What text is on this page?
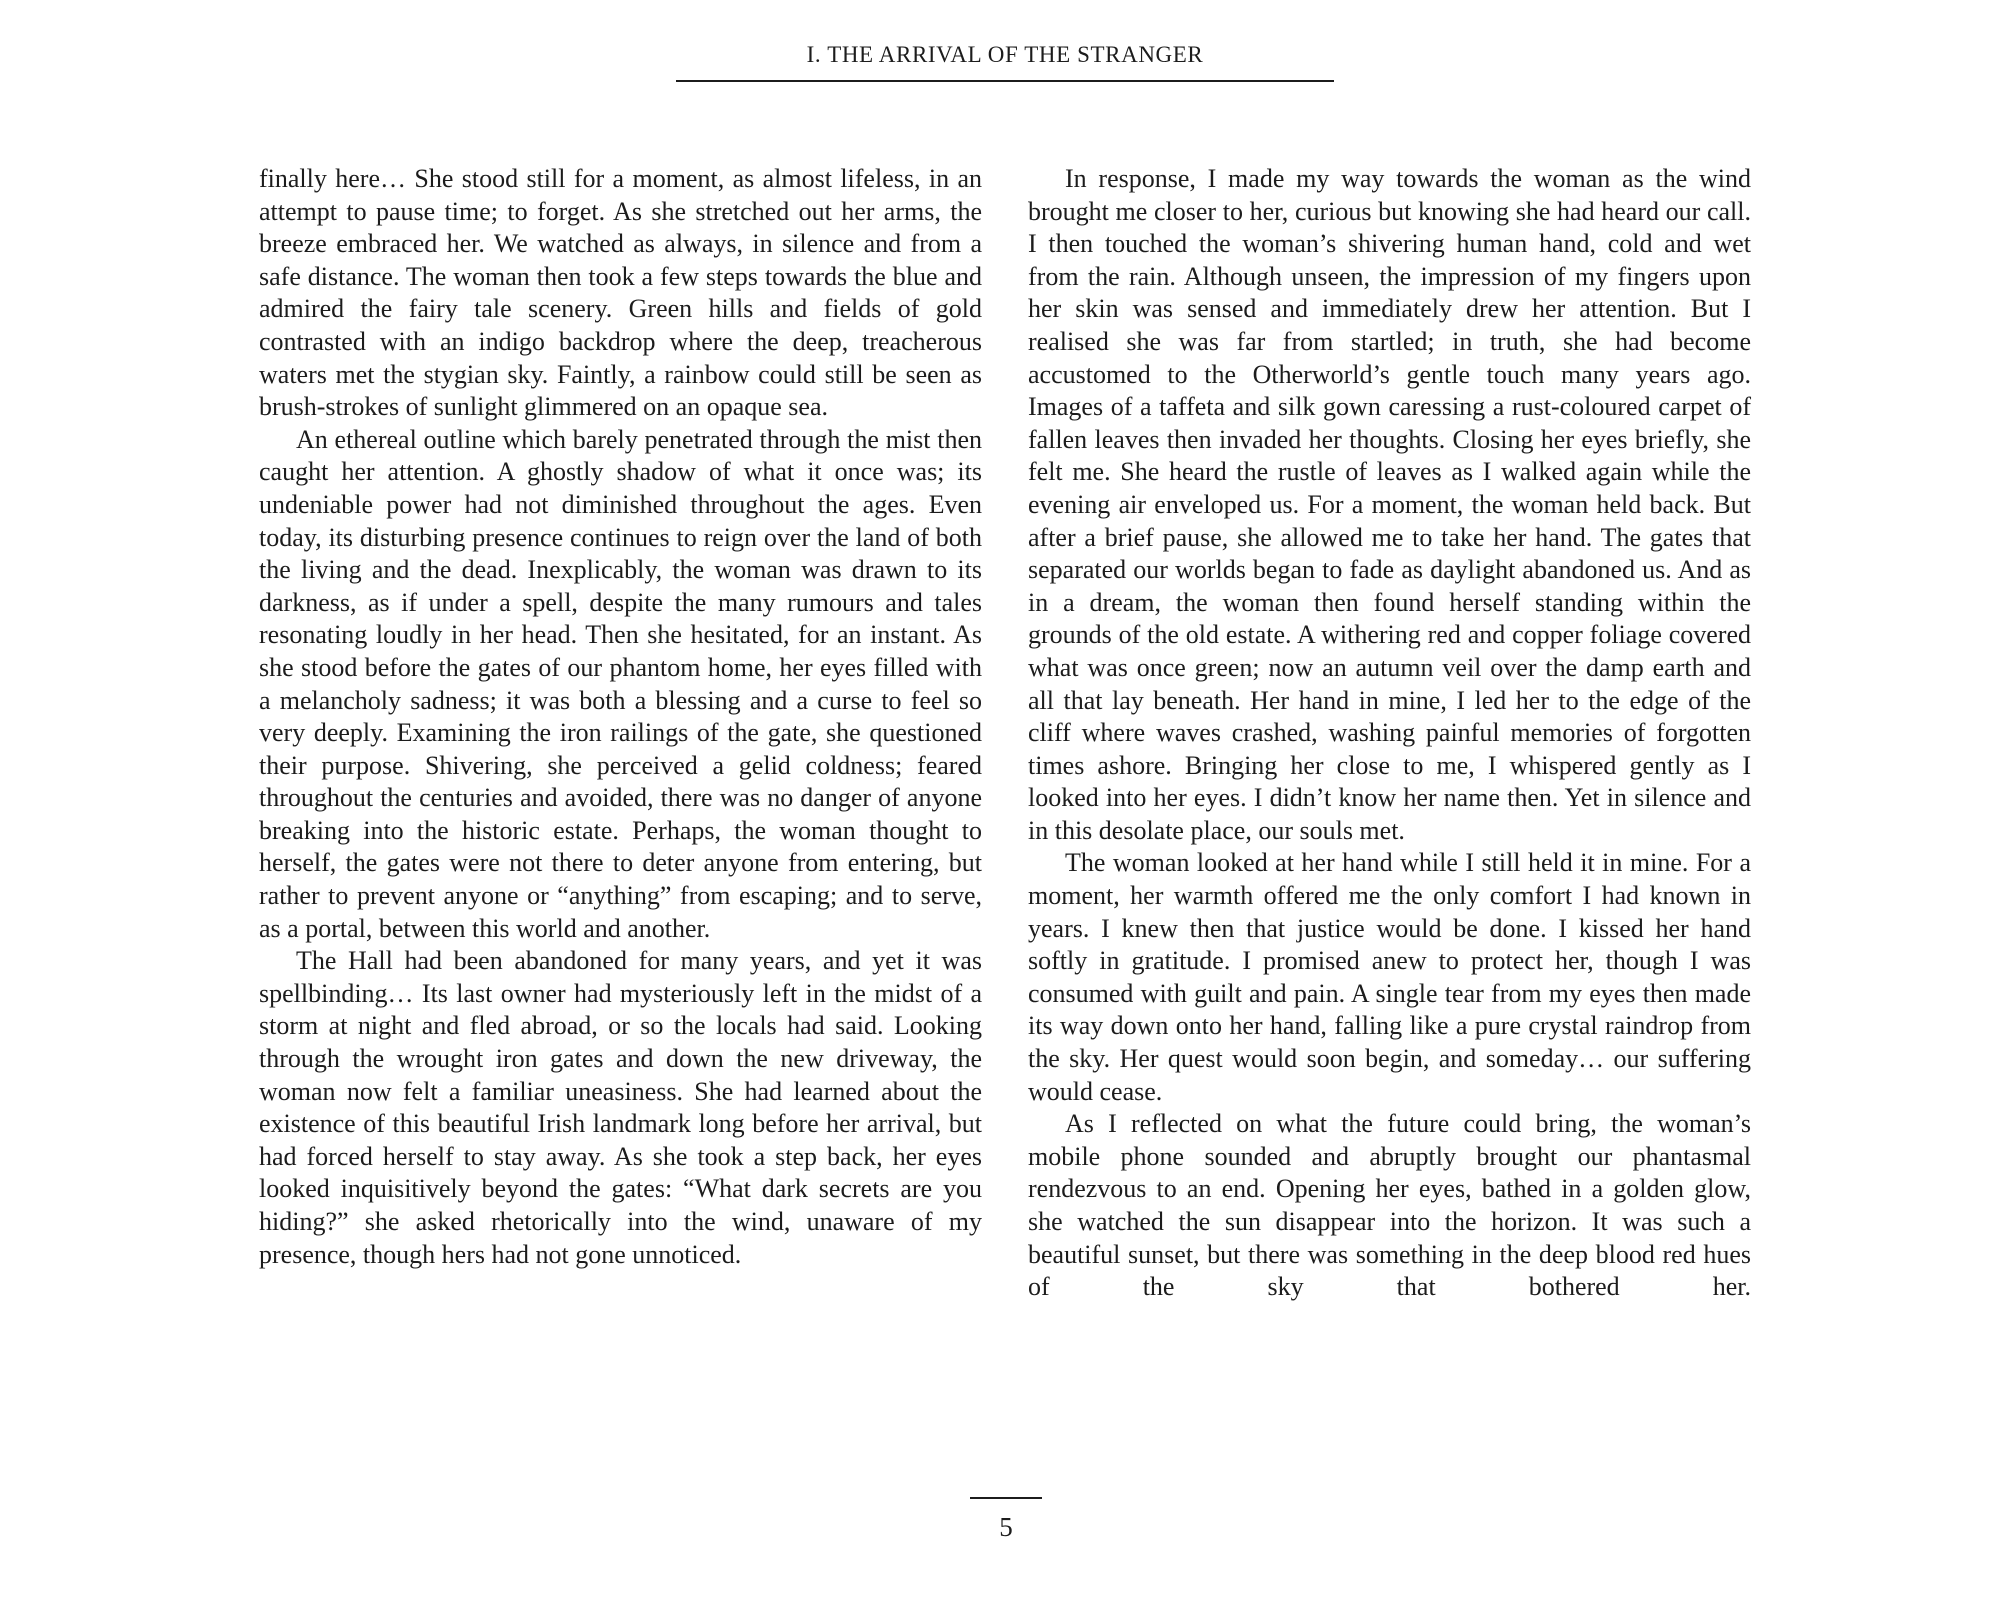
I. THE ARRIVAL OF THE STRANGER

finally here… She stood still for a moment, as almost lifeless, in an attempt to pause time; to forget. As she stretched out her arms, the breeze embraced her. We watched as always, in silence and from a safe distance. The woman then took a few steps towards the blue and admired the fairy tale scenery. Green hills and fields of gold contrasted with an indigo backdrop where the deep, treacherous waters met the stygian sky. Faintly, a rainbow could still be seen as brush-strokes of sunlight glimmered on an opaque sea.

An ethereal outline which barely penetrated through the mist then caught her attention. A ghostly shadow of what it once was; its undeniable power had not diminished throughout the ages. Even today, its disturbing presence continues to reign over the land of both the living and the dead. Inexplicably, the woman was drawn to its darkness, as if under a spell, despite the many rumours and tales resonating loudly in her head. Then she hesitated, for an instant. As she stood before the gates of our phantom home, her eyes filled with a melancholy sadness; it was both a blessing and a curse to feel so very deeply. Examining the iron railings of the gate, she questioned their purpose. Shivering, she perceived a gelid coldness; feared throughout the centuries and avoided, there was no danger of anyone breaking into the historic estate. Perhaps, the woman thought to herself, the gates were not there to deter anyone from entering, but rather to prevent anyone or “anything” from escaping; and to serve, as a portal, between this world and another.

The Hall had been abandoned for many years, and yet it was spellbinding… Its last owner had mysteriously left in the midst of a storm at night and fled abroad, or so the locals had said. Looking through the wrought iron gates and down the new driveway, the woman now felt a familiar uneasiness. She had learned about the existence of this beautiful Irish landmark long before her arrival, but had forced herself to stay away. As she took a step back, her eyes looked inquisitively beyond the gates: “What dark secrets are you hiding?” she asked rhetorically into the wind, unaware of my presence, though hers had not gone unnoticed.

In response, I made my way towards the woman as the wind brought me closer to her, curious but knowing she had heard our call. I then touched the woman’s shivering human hand, cold and wet from the rain. Although unseen, the impression of my fingers upon her skin was sensed and immediately drew her attention. But I realised she was far from startled; in truth, she had become accustomed to the Otherworld’s gentle touch many years ago. Images of a taffeta and silk gown caressing a rust-coloured carpet of fallen leaves then invaded her thoughts. Closing her eyes briefly, she felt me. She heard the rustle of leaves as I walked again while the evening air enveloped us. For a moment, the woman held back. But after a brief pause, she allowed me to take her hand. The gates that separated our worlds began to fade as daylight abandoned us. And as in a dream, the woman then found herself standing within the grounds of the old estate. A withering red and copper foliage covered what was once green; now an autumn veil over the damp earth and all that lay beneath. Her hand in mine, I led her to the edge of the cliff where waves crashed, washing painful memories of forgotten times ashore. Bringing her close to me, I whispered gently as I looked into her eyes. I didn’t know her name then. Yet in silence and in this desolate place, our souls met.

The woman looked at her hand while I still held it in mine. For a moment, her warmth offered me the only comfort I had known in years. I knew then that justice would be done. I kissed her hand softly in gratitude. I promised anew to protect her, though I was consumed with guilt and pain. A single tear from my eyes then made its way down onto her hand, falling like a pure crystal raindrop from the sky. Her quest would soon begin, and someday… our suffering would cease.

As I reflected on what the future could bring, the woman’s mobile phone sounded and abruptly brought our phantasmal rendezvous to an end. Opening her eyes, bathed in a golden glow, she watched the sun disappear into the horizon. It was such a beautiful sunset, but there was something in the deep blood red hues of the sky that bothered her.

5
